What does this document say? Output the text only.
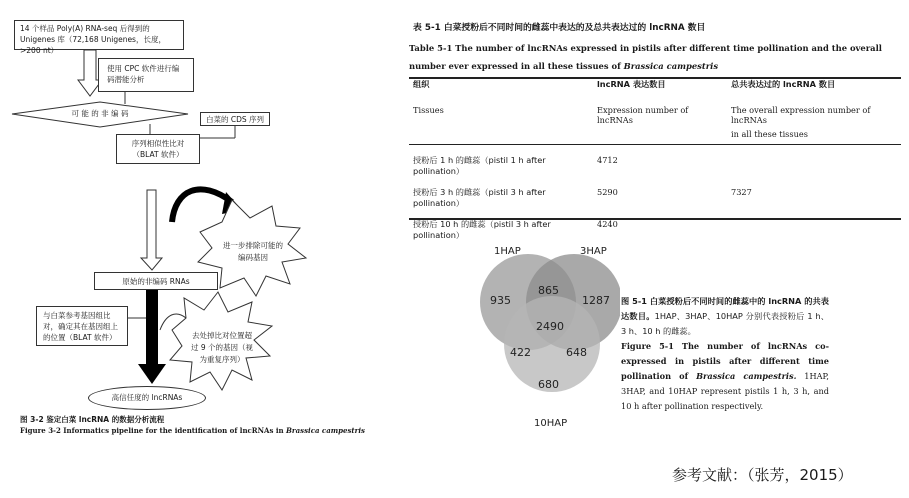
14 个样品 Poly(A) RNA-seq 后得到的 Unigenes 库（72,168 Unigenes，长度，>200 nt）
使用 CPC 软件进行编码潜能分析
可 能 的 非 编 码
白菜的 CDS 序列
序列相似性比对（BLAT 软件）
进一步排除可能的编码基因
原始的非编码 RNAs
与白菜参考基因组比对，确定其在基因组上的位置（BLAT 软件）	去处掉比对位置超过 9 个的基因（视为重复序列）
高信任度的 lncRNAs
图 3-2 鉴定白菜 lncRNA 的数据分析流程
Figure 3-2 Informatics pipeline for the identification of lncRNAs in Brassica campestris
表 5-1 白菜授粉后不同时间的雌蕊中表达的及总共表达过的 lncRNA 数目
Table 5-1 The number of lncRNAs expressed in pistils after different time pollination and the overall number ever expressed in all these tissues of Brassica campestris
组织	lncRNA 表达数目	总共表达过的 lncRNA 数目
Tissues	Expression number of lncRNAs	The overall expression number of lncRNAs
		in all these tissues
授粉后 1 h 的雌蕊（pistil 1 h after pollination）	4712	
授粉后 3 h 的雌蕊（pistil 3 h after pollination）	5290	7327
授粉后 10 h 的雌蕊（pistil 3 h after pollination）	4240	
1HAP	3HAP
10HAP
935	1287
680
865
422	648
2490
图 5-1 白菜授粉后不同时间的雌蕊中的 lncRNA 的共表达数目。1HAP、3HAP、10HAP 分别代表授粉后 1 h、3 h、10 h 的雌蕊。
Figure 5-1 The number of lncRNAs co-expressed in pistils after different time pollination of Brassica campestris. 1HAP, 3HAP, and 10HAP represent pistils 1 h, 3 h, and 10 h after pollination respectively.
参考文献：（张芳，2015）
